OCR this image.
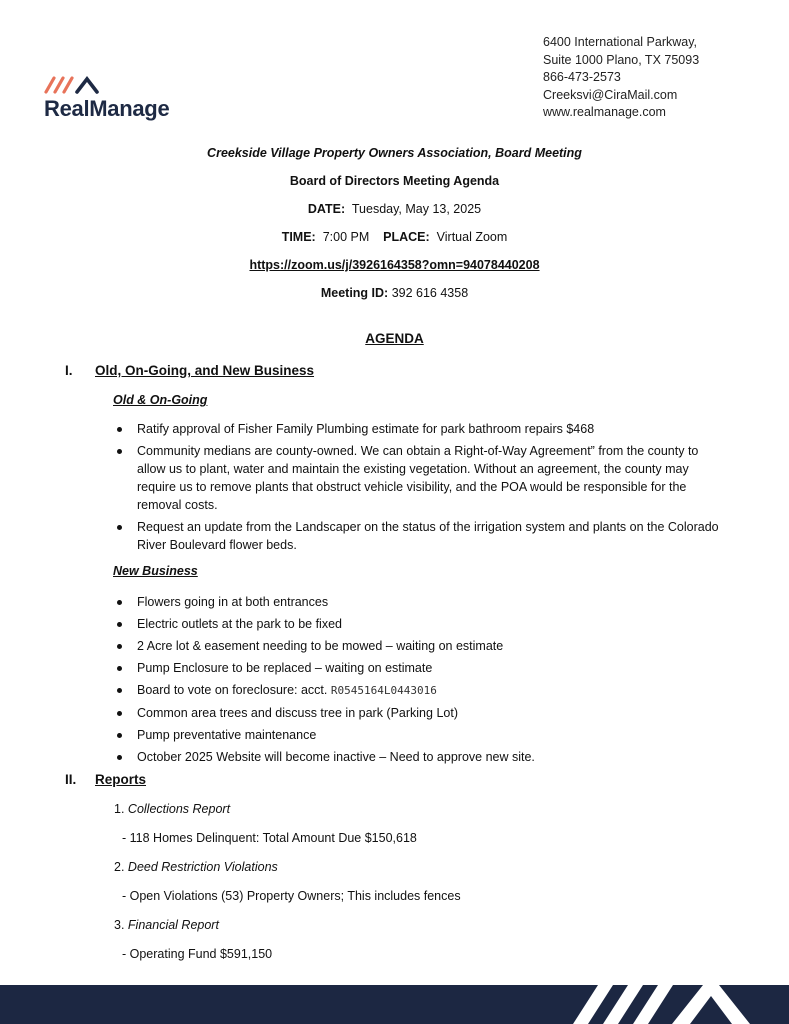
RealManage
6400 International Parkway,
Suite 1000 Plano, TX 75093
866-473-2573
Creeksvi@CiraMail.com
www.realmanage.com
Creekside Village Property Owners Association, Board Meeting
Board of Directors Meeting Agenda
DATE: Tuesday, May 13, 2025
TIME: 7:00 PM PLACE: Virtual Zoom
https://zoom.us/j/3926164358?omn=94078440208
Meeting ID: 392 616 4358
AGENDA
I. Old, On-Going, and New Business
Old & On-Going
Ratify approval of Fisher Family Plumbing estimate for park bathroom repairs $468
Community medians are county-owned. We can obtain a Right-of-Way Agreement” from the county to allow us to plant, water and maintain the existing vegetation. Without an agreement, the county may require us to remove plants that obstruct vehicle visibility, and the POA would be responsible for the removal costs.
Request an update from the Landscaper on the status of the irrigation system and plants on the Colorado River Boulevard flower beds.
New Business
Flowers going in at both entrances
Electric outlets at the park to be fixed
2 Acre lot & easement needing to be mowed – waiting on estimate
Pump Enclosure to be replaced – waiting on estimate
Board to vote on foreclosure: acct. R0545164L0443016
Common area trees and discuss tree in park (Parking Lot)
Pump preventative maintenance
October 2025 Website will become inactive – Need to approve new site.
II. Reports
1. Collections Report
- 118 Homes Delinquent: Total Amount Due $150,618
2. Deed Restriction Violations
- Open Violations (53) Property Owners; This includes fences
3. Financial Report
- Operating Fund $591,150
